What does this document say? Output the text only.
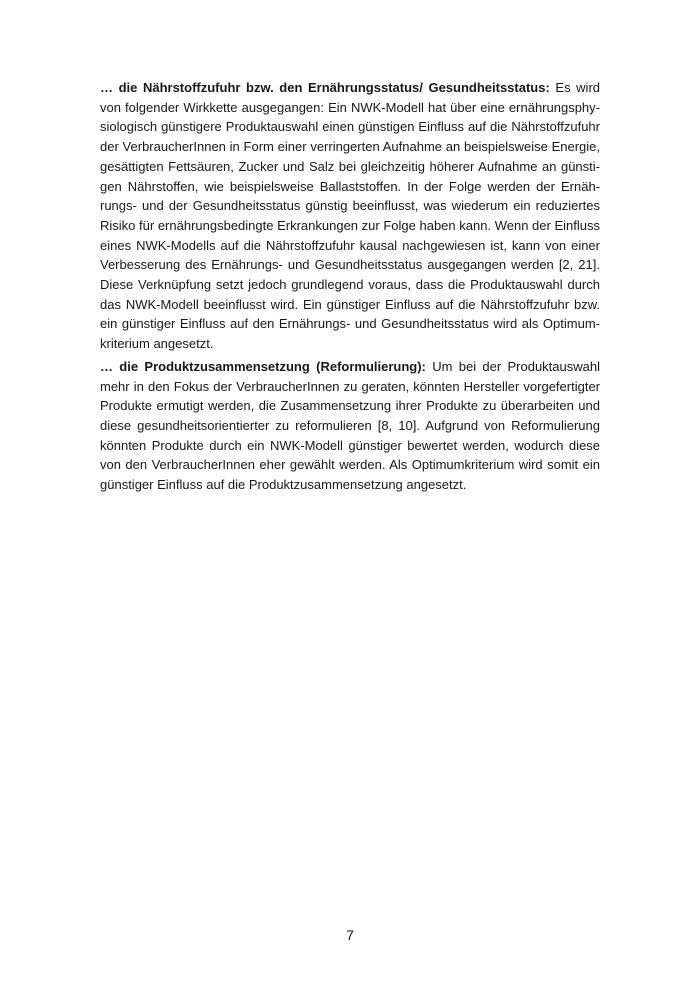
… die Nährstoffzufuhr bzw. den Ernährungsstatus/ Gesundheitsstatus: Es wird
von folgender Wirkkette ausgegangen: Ein NWK-Modell hat über eine ernährungsphy-
siologisch günstigere Produktauswahl einen günstigen Einfluss auf die Nährstoffzufuhr
der VerbraucherInnen in Form einer verringerten Aufnahme an beispielsweise Energie,
gesättigten Fettsäuren, Zucker und Salz bei gleichzeitig höherer Aufnahme an günsti-
gen Nährstoffen, wie beispielsweise Ballaststoffen. In der Folge werden der Ernäh-
rungs- und der Gesundheitsstatus günstig beeinflusst, was wiederum ein reduziertes
Risiko für ernährungsbedingte Erkrankungen zur Folge haben kann. Wenn der Einfluss
eines NWK-Modells auf die Nährstoffzufuhr kausal nachgewiesen ist, kann von einer
Verbesserung des Ernährungs- und Gesundheitsstatus ausgegangen werden [2, 21].
Diese Verknüpfung setzt jedoch grundlegend voraus, dass die Produktauswahl durch
das NWK-Modell beeinflusst wird. Ein günstiger Einfluss auf die Nährstoffzufuhr bzw.
ein günstiger Einfluss auf den Ernährungs- und Gesundheitsstatus wird als Optimum-
kriterium angesetzt.
… die Produktzusammensetzung (Reformulierung): Um bei der Produktauswahl
mehr in den Fokus der VerbraucherInnen zu geraten, könnten Hersteller vorgefertigter
Produkte ermutigt werden, die Zusammensetzung ihrer Produkte zu überarbeiten und
diese gesundheitsorientierter zu reformulieren [8, 10]. Aufgrund von Reformulierung
könnten Produkte durch ein NWK-Modell günstiger bewertet werden, wodurch diese
von den VerbraucherInnen eher gewählt werden. Als Optimumkriterium wird somit ein
günstiger Einfluss auf die Produktzusammensetzung angesetzt.
7
